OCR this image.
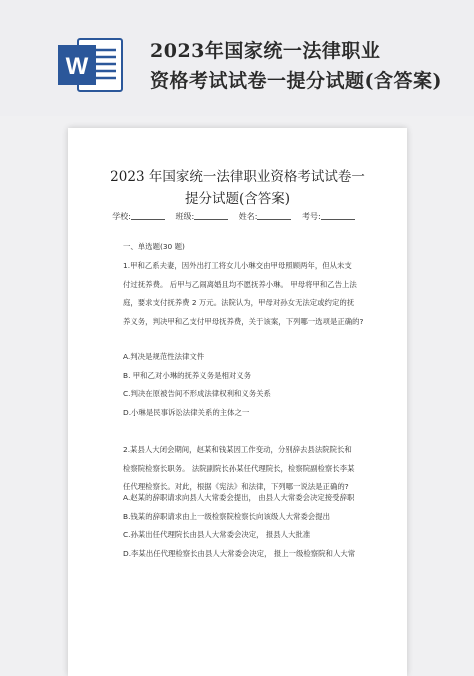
W
2023年国家统一法律职业
资格考试试卷一提分试题(含答案)
2023 年国家统一法律职业资格考试试卷一
提分试题(含答案)
学校:	班级:	姓名:	考号:
一、单选题(30 题)
1.甲和乙系夫妻，因外出打工将女儿小琳交由甲母照顾两年，但从未支
付过抚养费。 后甲与乙闹离婚且均不愿抚养小琳。 甲母将甲和乙告上法
庭，要求支付抚养费 2 万元。法院认为，甲母对孙女无法定或约定的抚
养义务，判决甲和乙支付甲母抚养费，关于该案，下列哪一选项是正确的?
A.判决是规范性法律文件
B. 甲和乙对小琳的抚养义务是相对义务
C.判决在原被告间不形成法律权利和义务关系
D.小琳是民事诉讼法律关系的主体之一
2.某县人大闭会期间，赵某和钱某因工作变动，分别辞去县法院院长和
检察院检察长职务。 法院副院长孙某任代理院长，检察院副检察长李某
任代理检察长。对此，根据《宪法》和法律，下列哪一说法是正确的?
A.赵某的辞职请求向县人大常委会提出， 由县人大常委会决定接受辞职
B.钱某的辞职请求由上一级检察院检察长向该级人大常委会提出
C.孙某出任代理院长由县人大常委会决定， 报县人大批准
D.李某出任代理检察长由县人大常委会决定， 报上一级检察院和人大常
